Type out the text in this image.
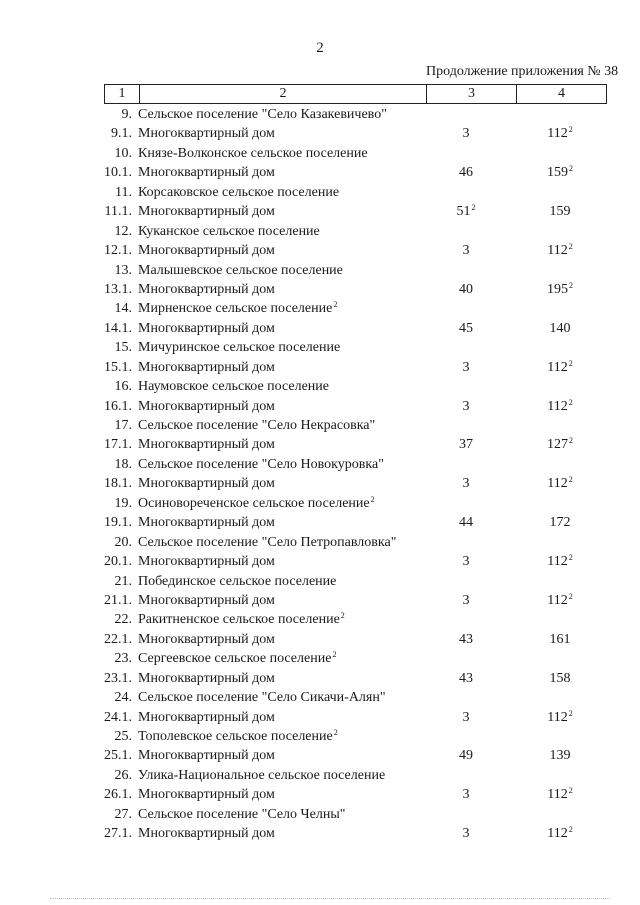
2
Продолжение приложения № 38
1	2	3	4
9. Сельское поселение "Село Казакевичево"
9.1. Многоквартирный дом	3	$112^2$
10. Князе-Волконское сельское поселение
10.1. Многоквартирный дом	46	$159^2$
11. Корсаковское сельское поселение
11.1. Многоквартирный дом	$51^2$	159
12. Куканское сельское поселение
12.1. Многоквартирный дом	3	$112^2$
13. Малышевское сельское поселение
13.1. Многоквартирный дом	40	$195^2$
14. Мирненское сельское поселение$^2$
14.1. Многоквартирный дом	45	140
15. Мичуринское сельское поселение
15.1. Многоквартирный дом	3	$112^2$
16. Наумовское сельское поселение
16.1. Многоквартирный дом	3	$112^2$
17. Сельское поселение "Село Некрасовка"
17.1. Многоквартирный дом	37	$127^2$
18. Сельское поселение "Село Новокуровка"
18.1. Многоквартирный дом	3	$112^2$
19. Осиновореченское сельское поселение$^2$
19.1. Многоквартирный дом	44	172
20. Сельское поселение "Село Петропавловка"
20.1. Многоквартирный дом	3	$112^2$
21. Побединское сельское поселение
21.1. Многоквартирный дом	3	$112^2$
22. Ракитненское сельское поселение$^2$
22.1. Многоквартирный дом	43	161
23. Сергеевское сельское поселение$^2$
23.1. Многоквартирный дом	43	158
24. Сельское поселение "Село Сикачи-Алян"
24.1. Многоквартирный дом	3	$112^2$
25. Тополевское сельское поселение$^2$
25.1. Многоквартирный дом	49	139
26. Улика-Национальное сельское поселение
26.1. Многоквартирный дом	3	$112^2$
27. Сельское поселение "Село Челны"
27.1. Многоквартирный дом	3	$112^2$
